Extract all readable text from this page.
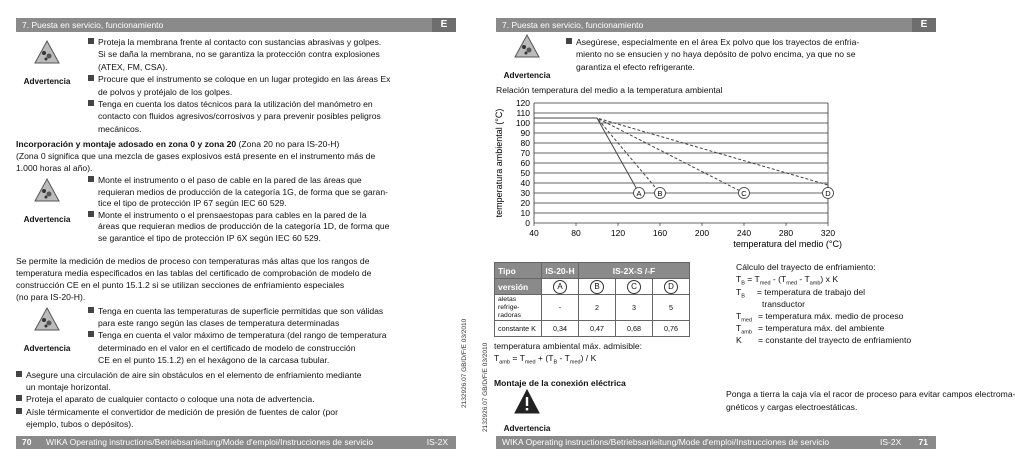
7. Puesta en servicio, funcionamiento	E
Advertencia
Proteja la membrana frente al contacto con sustancias abrasivas y golpes.
Si se daña la membrana, no se garantiza la protección contra explosiones
(ATEX, FM, CSA).
Procure que el instrumento se coloque en un lugar protegido en las áreas Ex
de polvos y protéjalo de los golpes.
Tenga en cuenta los datos técnicos para la utilización del manómetro en
contacto con fluidos agresivos/corrosivos y para prevenir posibles peligros
mecánicos.
Incorporación y montaje adosado en zona 0 y zona 20 (Zona 20 no para IS-20-H)
(Zona 0 significa que una mezcla de gases explosivos está presente en el instrumento más de
1.000 horas al año).
Advertencia
Monte el instrumento o el paso de cable en la pared de las áreas que
requieran medios de producción de la categoría 1G, de forma que se garan-
tice el tipo de protección IP 67 según IEC 60 529.
Monte el instrumento o el prensaestopas para cables en la pared de la
áreas que requieran medios de producción de la categoría 1D, de forma que
se garantice el tipo de protección IP 6X según IEC 60 529.
Se permite la medición de medios de proceso con temperaturas más altas que los rangos de
temperatura media especificados en las tablas del certificado de comprobación de modelo de
construcción CE en el punto 15.1.2 si se utilizan secciones de enfriamiento especiales
(no para IS-20-H).
Advertencia
Tenga en cuenta las temperaturas de superficie permitidas que son válidas
para este rango según las clases de temperatura determinadas
Tenga en cuenta el valor máximo de temperatura (del rango de temperatura
determinado en el valor en el certificado de modelo de construcción
CE en el punto 15.1.2) en el hexágono de la carcasa tubular.
Asegure una circulación de aire sin obstáculos en el elemento de enfriamiento mediante
un montaje horizontal.
Proteja el aparato de cualquier contacto o coloque una nota de advertencia.
Aísle térmicamente el convertidor de medición de presión de fuentes de calor (por
ejemplo, tubos o depósitos).
2132926.07 GB/D/F/E 03/2010
70 WIKA Operating instructions/Betriebsanleitung/Mode d'emploi/Instrucciones de servicio	IS-2X
7. Puesta en servicio, funcionamiento	E
Advertencia
Asegúrese, especialmente en el área Ex polvo que los trayectos de enfria-
miento no se ensucien y no haya depósito de polvo encima, ya que no se
garantiza el efecto refrigerante.
Relación temperatura del medio a la temperatura ambiental
0
10
20
30
40
50
60
70
80
90
100
110
120
40	80	120	160	200	240	280	320
A B	C	D
temperatura ambiental (°C)
temperatura del medio (°C)
Tipo	IS-20-H	IS-2X-S /-F		
versión	A	B	C	D
aletas refrige-
radoras	-	2	3	5
constante K	0,34	0,47	0,68	0,76
temperatura ambiental máx. admisible:
$T_{amb} = T_{med} + (T_B - T_{med}) / K$
Cálculo del trayecto de enfriamiento:
$T_B = T_{med} - (T_{med} - T_{amb})$ x K
$T_B$ = temperatura de trabajo del
transductor
$T_{med}$ = temperatura máx. medio de proceso
$T_{amb}$ = temperatura máx. del ambiente
K = constante del trayecto de enfriamiento
Montaje de la conexión eléctrica
Advertencia
Ponga a tierra la caja vía el racor de proceso para evitar campos electroma-
gnéticos y cargas electroestáticas.
2132926.07 GB/D/F/E 03/2010
WIKA Operating instructions/Betriebsanleitung/Mode d'emploi/Instrucciones de servicio	IS-2X 71
